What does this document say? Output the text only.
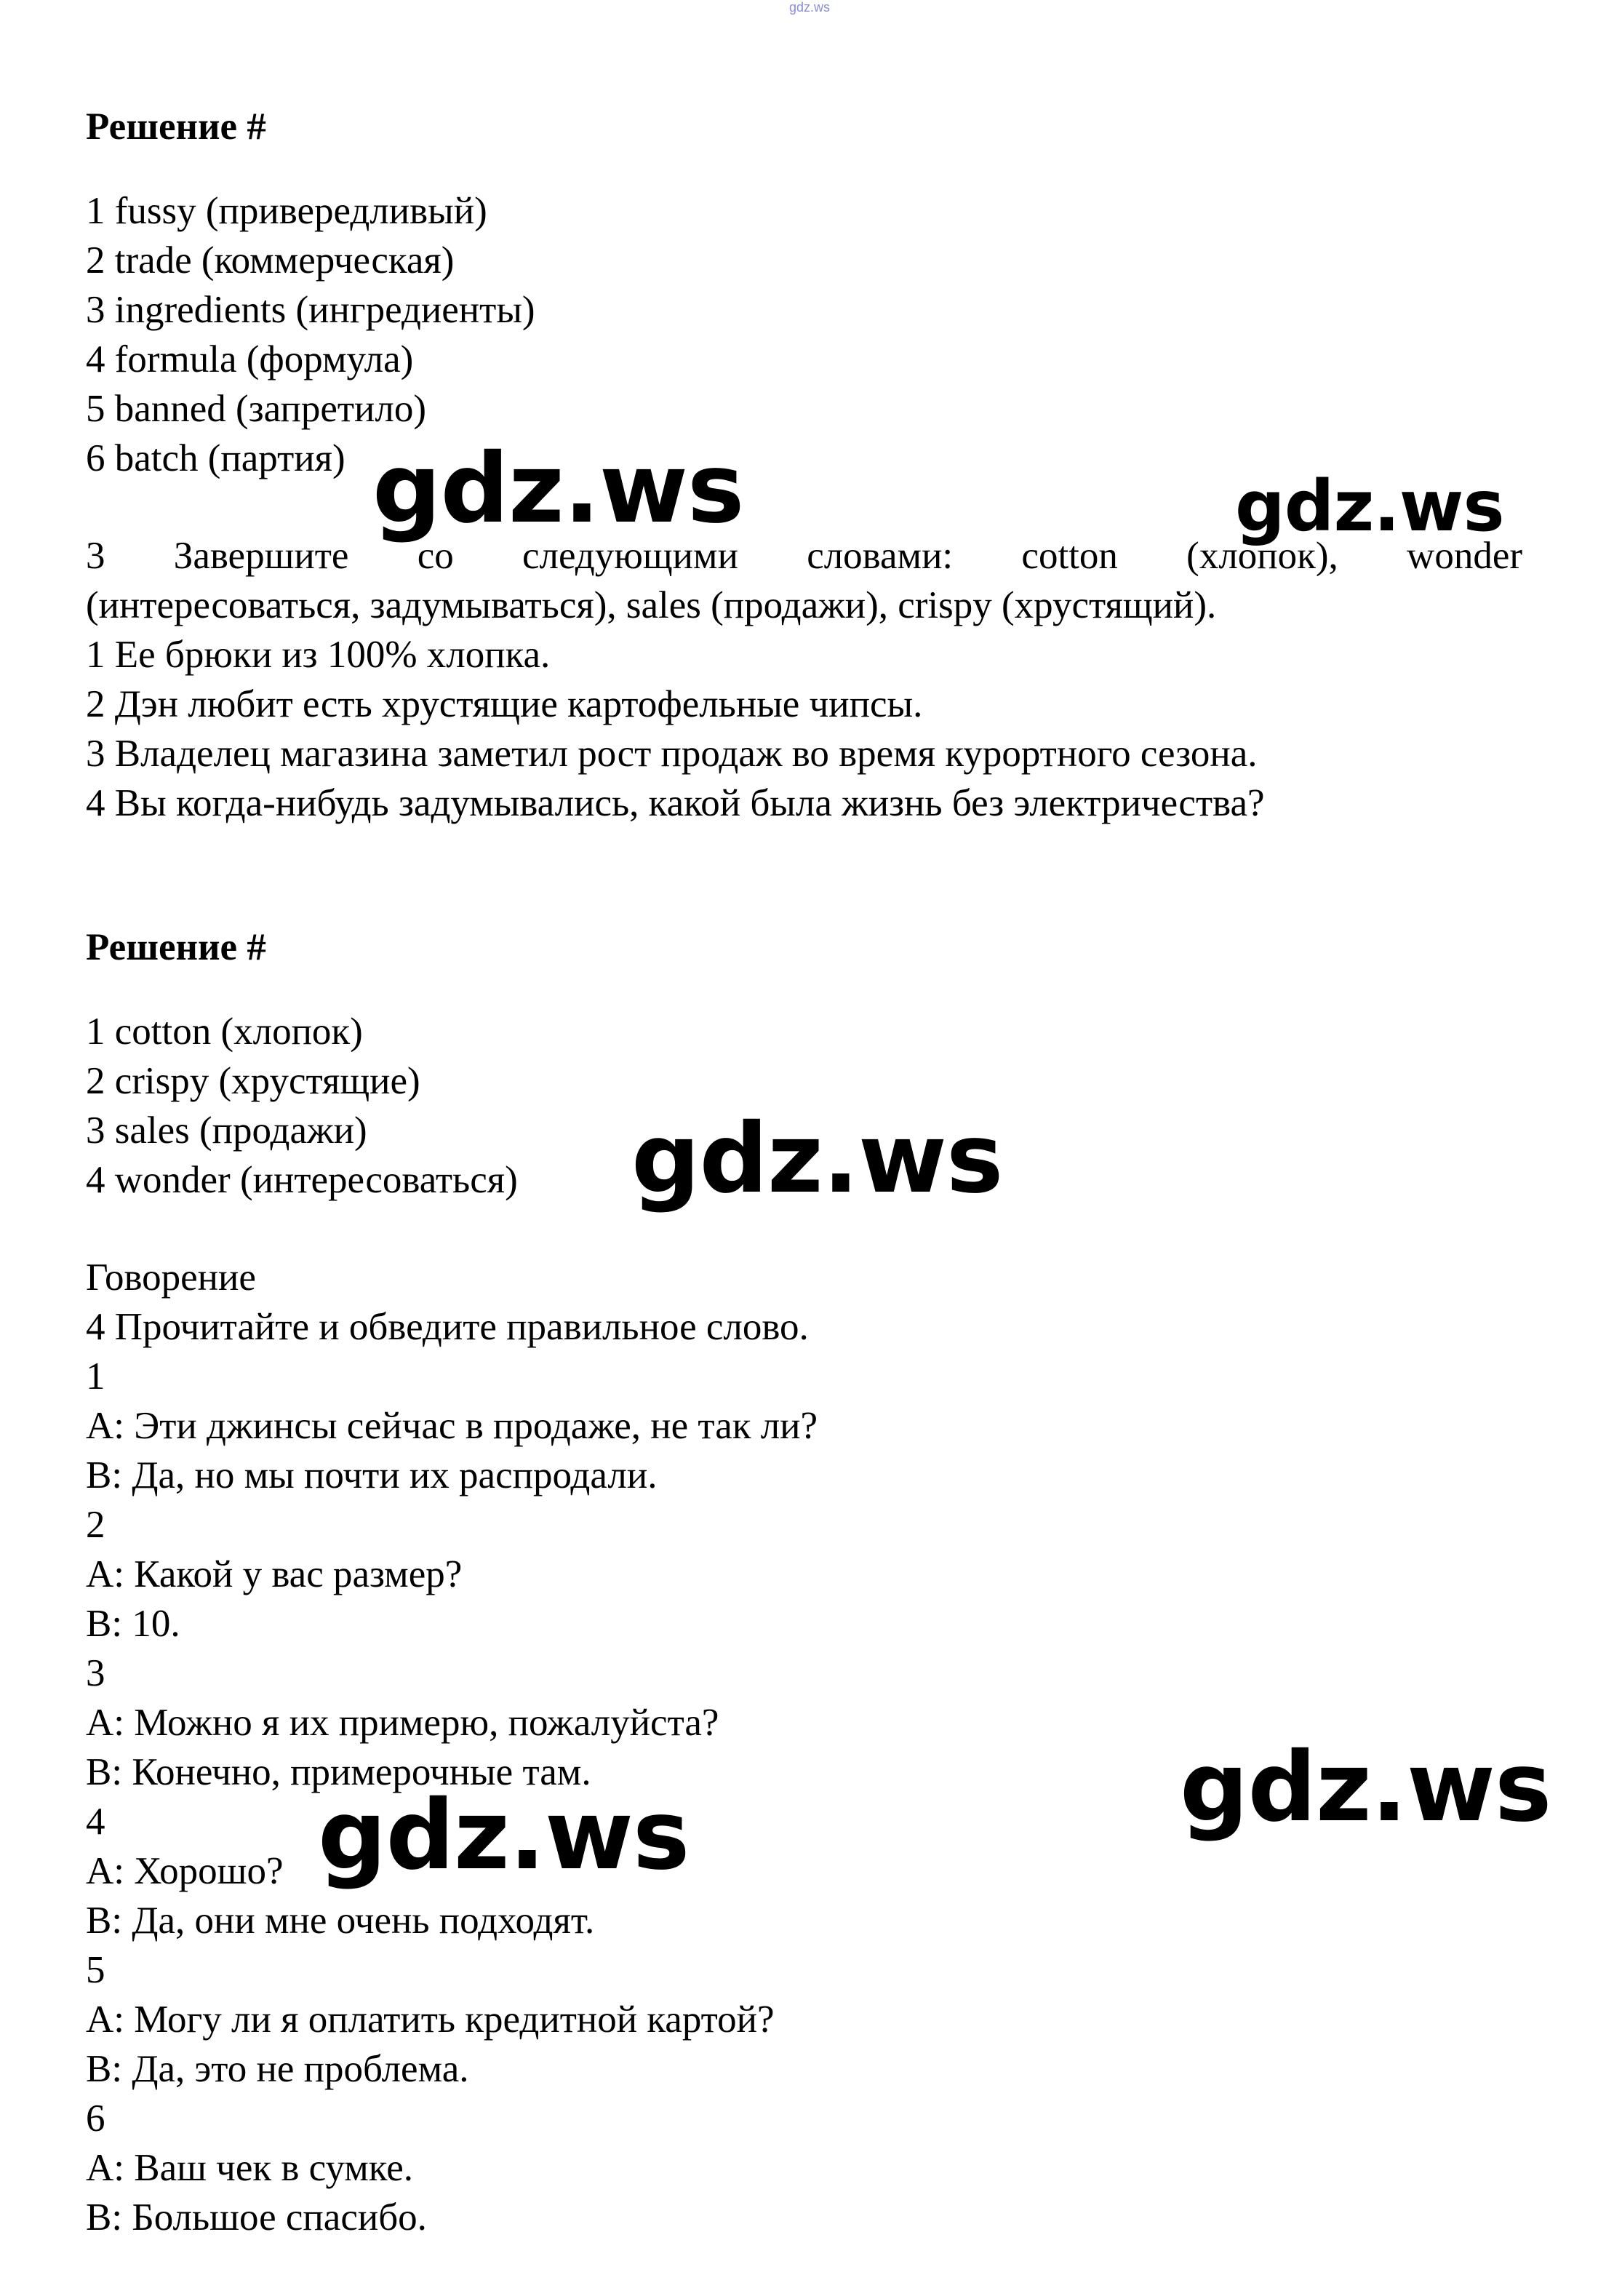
gdz.ws
Решение #
1 fussy (привередливый)
2 trade (коммерческая)
3 ingredients (ингредиенты)
4 formula (формула)
5 banned (запретило)
6 batch (партия)
3 Завершите со следующими словами: cotton (хлопок), wonder
(интересоваться, задумываться), sales (продажи), crispy (хрустящий).
1 Ее брюки из 100% хлопка.
2 Дэн любит есть хрустящие картофельные чипсы.
3 Владелец магазина заметил рост продаж во время курортного сезона.
4 Вы когда-нибудь задумывались, какой была жизнь без электричества?
Решение #
1 cotton (хлопок)
2 crispy (хрустящие)
3 sales (продажи)
4 wonder (интересоваться)
Говорение
4 Прочитайте и обведите правильное слово.
1
A: Эти джинсы сейчас в продаже, не так ли?
B: Да, но мы почти их распродали.
2
A: Какой у вас размер?
B: 10.
3
A: Можно я их примерю, пожалуйста?
B: Конечно, примерочные там.
4
A: Хорошо?
B: Да, они мне очень подходят.
5
A: Могу ли я оплатить кредитной картой?
B: Да, это не проблема.
6
A: Ваш чек в сумке.
B: Большое спасибо.
gdz.ws	gdz.ws
gdz.ws
gdz.ws
gdz.ws
